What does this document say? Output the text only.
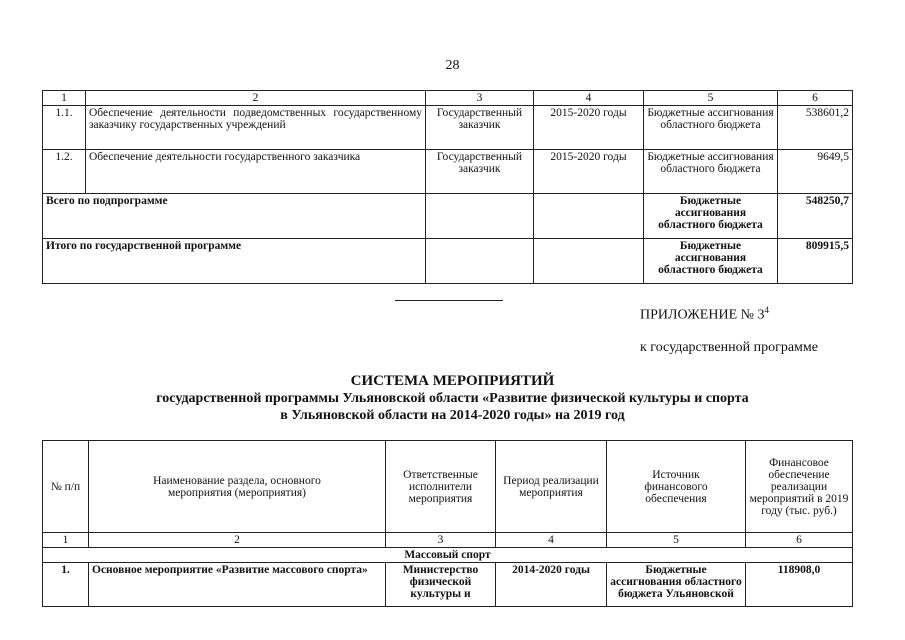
28
1	2	3	4	5	6
1.1.	Обеспечение деятельности подведомственных государственному заказчику государственных учреждений	Государственный заказчик	2015-2020 годы	Бюджетные ассигнования областного бюджета	538601,2
1.2.	Обеспечение деятельности государственного заказчика	Государственный заказчик	2015-2020 годы	Бюджетные ассигнования областного бюджета	9649,5
Всего по подпрограмме				Бюджетные ассигнования областного бюджета	548250,7
Итого по государственной программе				Бюджетные ассигнования областного бюджета	809915,5
ПРИЛОЖЕНИЕ № $3^4$
к государственной программе
СИСТЕМА МЕРОПРИЯТИЙ
государственной программы Ульяновской области «Развитие физической культуры и спорта
в Ульяновской области на 2014-2020 годы» на 2019 год
№ п/п	Наименование раздела, основного мероприятия (мероприятия)	Ответственные исполнители мероприятия	Период реализации мероприятия	Источник финансового обеспечения	Финансовое обеспечение реализации мероприятий в 2019 году (тыс. руб.)
1	2	3	4	5	6
Массовый спорт					
1.	Основное мероприятие «Развитие массового спорта»	Министерство физической культуры и	2014-2020 годы	Бюджетные ассигнования областного бюджета Ульяновской	118908,0
